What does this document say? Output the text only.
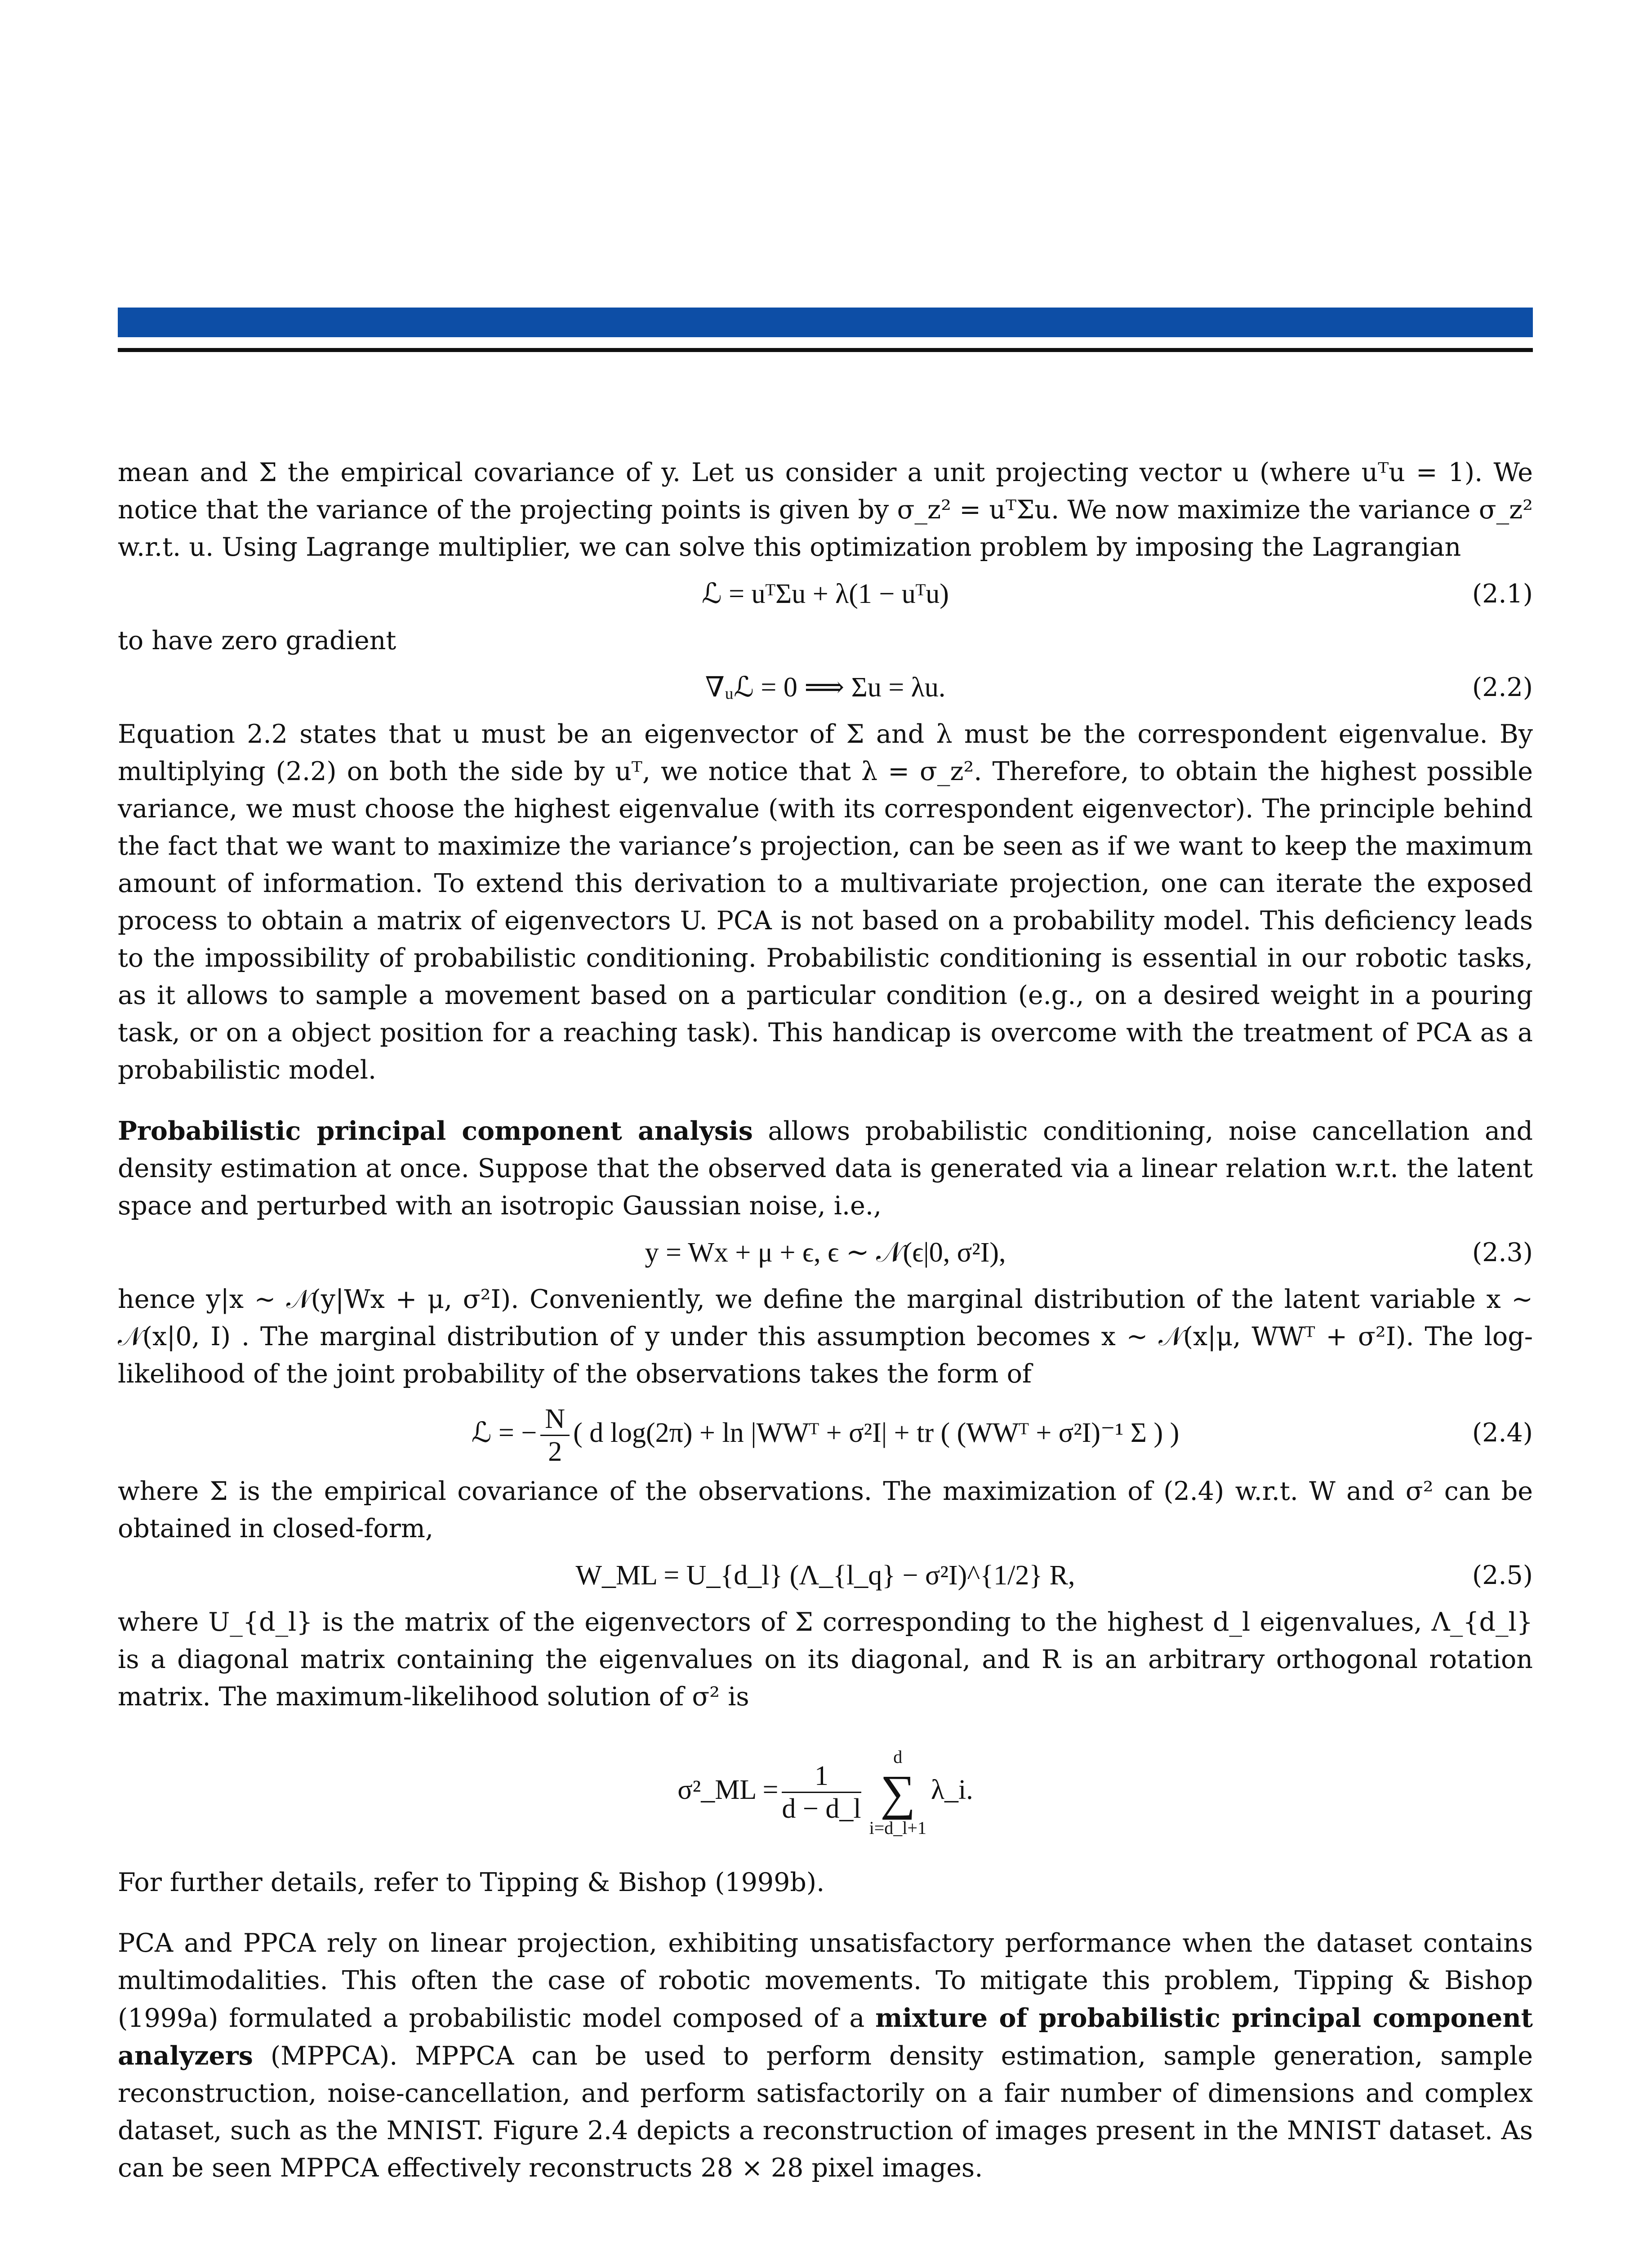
mean and Σ the empirical covariance of y. Let us consider a unit projecting vector u (where uᵀu = 1). We notice that the variance of the projecting points is given by σ_z² = uᵀΣu. We now maximize the variance σ_z² w.r.t. u. Using Lagrange multiplier, we can solve this optimization problem by imposing the Lagrangian

ℒ = uᵀΣu + λ(1 − uᵀu)	(2.1)

to have zero gradient

∇ᵤℒ = 0 ⟹ Σu = λu.	(2.2)

Equation 2.2 states that u must be an eigenvector of Σ and λ must be the correspondent eigenvalue. By multiplying (2.2) on both the side by uᵀ, we notice that λ = σ_z². Therefore, to obtain the highest possible variance, we must choose the highest eigenvalue (with its correspondent eigenvector). The principle behind the fact that we want to maximize the variance’s projection, can be seen as if we want to keep the maximum amount of information. To extend this derivation to a multivariate projection, one can iterate the exposed process to obtain a matrix of eigenvectors U. PCA is not based on a probability model. This deficiency leads to the impossibility of probabilistic conditioning. Probabilistic conditioning is essential in our robotic tasks, as it allows to sample a movement based on a particular condition (e.g., on a desired weight in a pouring task, or on a object position for a reaching task). This handicap is overcome with the treatment of PCA as a probabilistic model.

Probabilistic principal component analysis allows probabilistic conditioning, noise cancellation and density estimation at once. Suppose that the observed data is generated via a linear relation w.r.t. the latent space and perturbed with an isotropic Gaussian noise, i.e.,

y = Wx + μ + ϵ, ϵ ∼ 𝒩(ϵ|0, σ²I),	(2.3)

hence y|x ∼ 𝒩(y|Wx + μ, σ²I). Conveniently, we define the marginal distribution of the latent variable x ∼ 𝒩(x|0, I) . The marginal distribution of y under this assumption becomes x ∼ 𝒩(x|μ, WWᵀ + σ²I). The log-likelihood of the joint probability of the observations takes the form of

ℒ = − $\frac{N}{2}$ ( d log(2π) + ln |WWᵀ + σ²I| + tr ( (WWᵀ + σ²I)⁻¹ Σ ) )	(2.4)

where Σ is the empirical covariance of the observations. The maximization of (2.4) w.r.t. W and σ² can be obtained in closed-form,

W_ML = U_{d_l} (Λ_{l_q} − σ²I)^{1/2} R,	(2.5)

where U_{d_l} is the matrix of the eigenvectors of Σ corresponding to the highest d_l eigenvalues, Λ_{d_l} is a diagonal matrix containing the eigenvalues on its diagonal, and R is an arbitrary orthogonal rotation matrix. The maximum-likelihood solution of σ² is

σ²_ML = $\frac{1}{d - d\_l}$
d
∑
i=d_l+1
λ_i.

For further details, refer to Tipping & Bishop (1999b).

PCA and PPCA rely on linear projection, exhibiting unsatisfactory performance when the dataset contains multimodalities. This often the case of robotic movements. To mitigate this problem, Tipping & Bishop (1999a) formulated a probabilistic model composed of a mixture of probabilistic principal component analyzers (MPPCA). MPPCA can be used to perform density estimation, sample generation, sample reconstruction, noise-cancellation, and perform satisfactorily on a fair number of dimensions and complex dataset, such as the MNIST. Figure 2.4 depicts a reconstruction of images present in the MNIST dataset. As can be seen MPPCA effectively reconstructs 28 × 28 pixel images.
